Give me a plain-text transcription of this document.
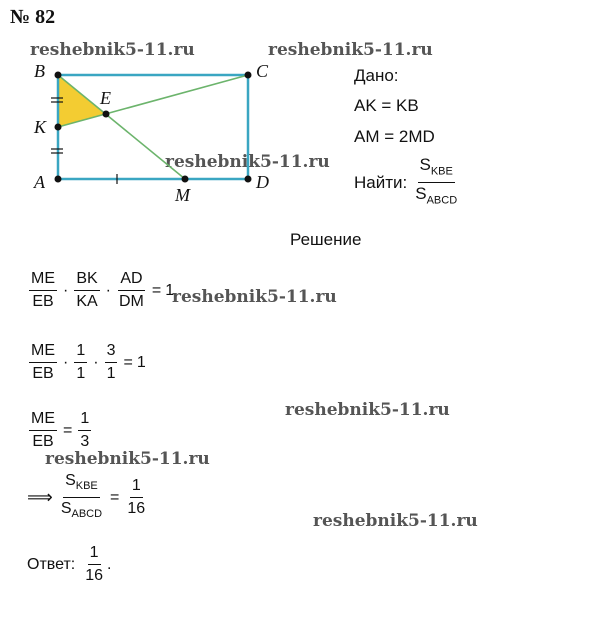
№ 82
reshebnik5-11.ru	reshebnik5-11.ru
reshebnik5-11.ru
reshebnik5-11.ru
reshebnik5-11.ru
reshebnik5-11.ru
reshebnik5-11.ru
B	C
A	D
K
E
M
Дано:
AK = KB
AM = 2MD
Найти: $\frac{S_{KBE}}{S_{ABCD}}$
Решение
$\frac{ME}{EB} \cdot \frac{BK}{KA} \cdot \frac{AD}{DM} = 1$
$\frac{ME}{EB} \cdot \frac{1}{1} \cdot \frac{3}{1} = 1$
$\frac{ME}{EB} = \frac{1}{3}$
⟹ $\frac{S_{KBE}}{S_{ABCD}} = \frac{1}{16}$
Ответ: $\frac{1}{16}$ .
